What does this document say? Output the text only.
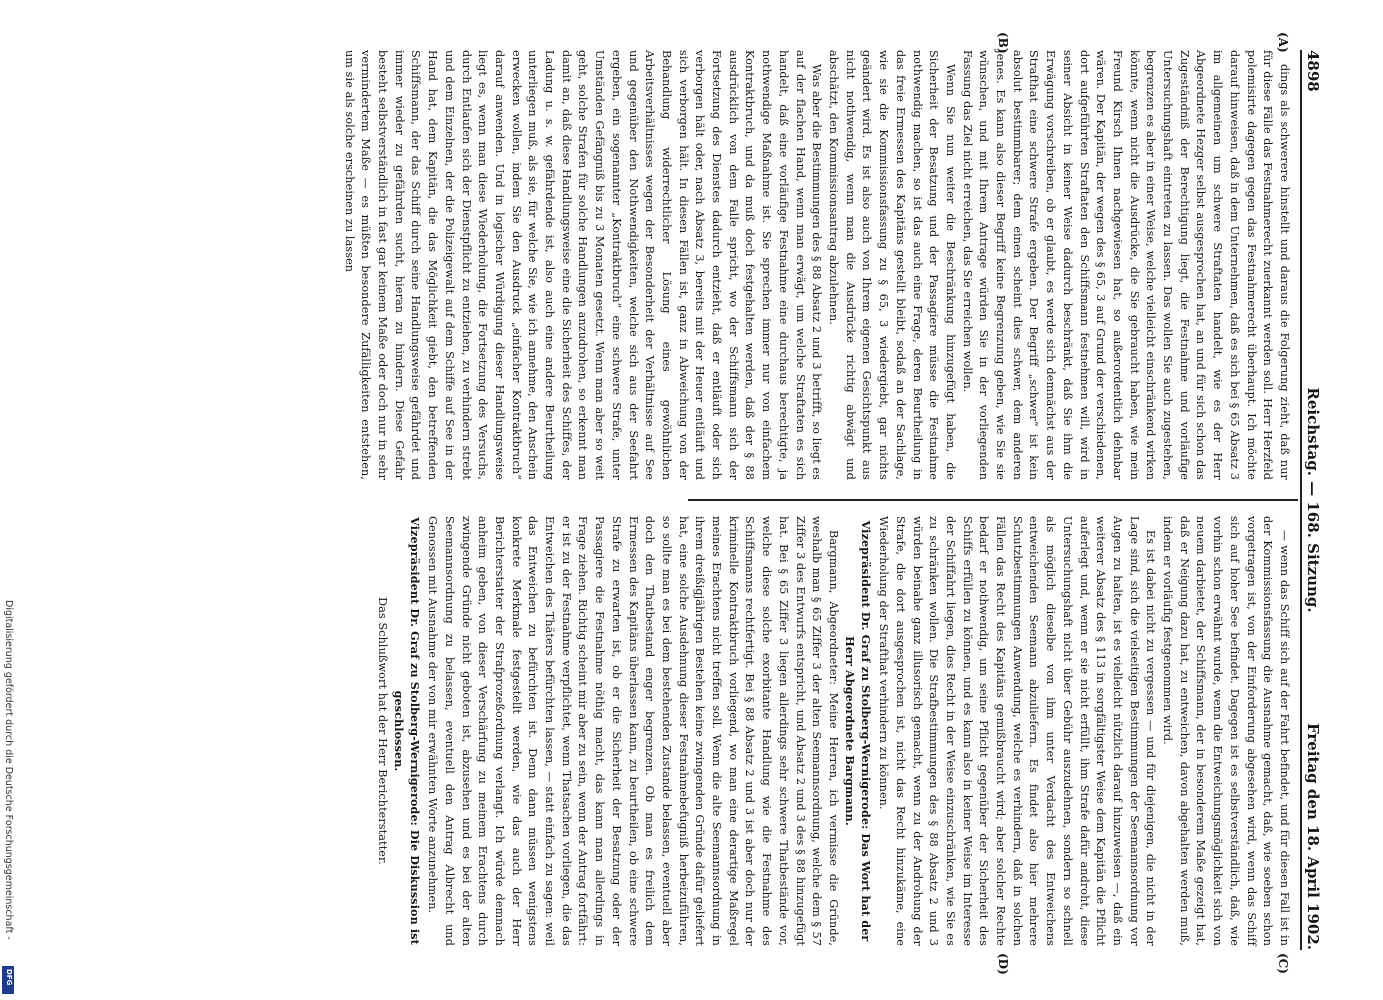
4898
Reichstag. — 168. Sitzung.
Freitag den 18. April 1902.
(A)
(B)
(C)
(D)

dings als schwerere hinstellt und daraus die Folgerung zieht, daß nur für diese Fälle das Festnahmerecht zuerkannt werden soll. Herr Herzfeld polemisirte dagegen gegen das Festnahmerecht überhaupt. Ich möchte darauf hinweisen, daß in dem Unternehmen, daß es sich bei § 65 Absatz 3 im allgemeinen um schwere Straftaten handelt, wie es der Herr Abgeordnete Hezger selbst ausgesprochen hat, an und für sich schon das Zugeständniß der Berechtigung liegt, die Festnahme und vorläufige Untersuchungshaft eintreten zu lassen. Das wollen Sie auch zugestehen, begrenzen es aber in einer Weise, welche vielleicht einschränkend wirken könnte, wenn nicht die Ausdrücke, die Sie gebraucht haben, wie mein Freund Kirsch Ihnen nachgewiesen hat, so außerordentlich dehnbar wären. Der Kapitän, der wegen des § 65, 3 auf Grund der verschiedenen, dort aufgeführten Straftaten den Schiffsmann festnehmen will, wird in seiner Absicht in keiner Weise dadurch beschränkt, daß Sie ihm die Erwägung vorschreiben, ob er glaubt, es werde sich demnächst aus der Strafthat eine schwere Strafe ergeben. Der Begriff „schwer“ ist kein absolut bestimmbarer; dem einen scheint dies schwer, dem anderen jenes. Es kann also dieser Begriff keine Begrenzung geben, wie Sie sie wünschen, und mit Ihrem Antrage würden Sie in der vorliegenden Fassung das Ziel nicht erreichen, das Sie erreichen wollen.

Wenn Sie nun weiter die Beschränkung hinzugefügt haben, die Sicherheit der Besatzung und der Passagiere müsse die Festnahme nothwendig machen, so ist das auch eine Frage, deren Beurtheilung in das freie Ermessen des Kapitäns gestellt bleibt, sodaß an der Sachlage, wie sie die Kommissionsfassung zu § 65, 3 wiedergiebt, gar nichts geändert wird. Es ist also auch von Ihrem eigenen Gesichtspunkt aus nicht nothwendig, wenn man die Ausdrücke richtig abwägt und abschätzt, den Kommissionsantrag abzulehnen.

Was aber die Bestimmungen des § 88 Absatz 2 und 3 betrifft, so liegt es auf der flachen Hand, wenn man erwägt, um welche Straftaten es sich handelt, daß eine vorläufige Festnahme eine durchaus berechtigte, ja nothwendige Maßnahme ist. Sie sprechen immer nur von einfachem Kontraktbruch, und da muß doch festgehalten werden, daß der § 88 ausdrücklich von dem Falle spricht, wo der Schiffsmann sich der Fortsetzung des Dienstes dadurch entzieht, daß er entläuft oder sich verborgen hält oder, nach Absatz 3, bereits mit der Heuer entläuft und sich verborgen hält. In diesen Fällen ist, ganz in Abweichung von der Behandlung widerrechtlicher Lösung eines gewöhnlichen Arbeitsverhältnisses wegen der Besonderheit der Verhältnisse auf See und gegenüber den Nothwendigkeiten, welche sich aus der Seefahrt ergeben, ein sogenannter „Kontraktbruch“ eine schwere Strafe, unter Umständen Gefängniß bis zu 3 Monaten gesetzt. Wenn man aber so weit geht, solche Strafen für solche Handlungen anzudrohen, so erkennt man damit an, daß diese Handlungsweise eine die Sicherheit des Schiffes, der Ladung u. s. w. gefährdende ist, also auch eine andere Beurtheilung unterliegen muß, als sie, für welche Sie, wie ich annehme, den Anschein erwecken wollen, indem Sie den Ausdruck „einfacher Kontraktbruch“ darauf anwenden. Und in logischer Würdigung dieser Handlungsweise liegt es, wenn man diese Wiederholung, die Fortsetzung des Versuchs, durch Entlaufen sich der Dienstpflicht zu entziehen, zu verhindern strebt und dem Einzelnen, der die Polizeigewalt auf dem Schiffe auf See in der Hand hat, dem Kapitän, die das Möglichkeit giebt, den betreffenden Schiffsmann, der das Schiff durch seine Handlungsweise gefährdet und immer wieder zu gefährden sucht, hieran zu hindern. Diese Gefahr besteht selbstverständlich in fast gar keinem Maße oder doch nur in sehr vermindertem Maße — es müßten besondere Zufälligkeiten entstehen, um sie als solche erscheinen zu lassen

— wenn das Schiff sich auf der Fahrt befindet, und für diesen Fall ist in der Kommissionsfassung die Ausnahme gemacht, daß, wie soeben schon vorgetragen ist, von der Einforderung abgesehen wird, wenn das Schiff sich auf hoher See befindet. Dagegen ist es selbstverständlich, daß, wie vorhin schon erwähnt wurde, wenn die Entweichungsmöglichkeit sich von neuem darbietet, der Schiffsmann, der in besonderem Maße gezeigt hat, daß er Neigung dazu hat, zu entweichen, davon abgehalten werden muß, indem er vorläufig festgenommen wird.

Es ist dabei nicht zu vergessen — und für diejenigen, die nicht in der Lage sind, sich die vielseitigen Bestimmungen der Seemannsordnung vor Augen zu halten, ist es vielleicht nützlich darauf hinzuweisen —, daß ein weiterer Absatz des § 113 in sorgfältigster Weise dem Kapitän die Pflicht auferlegt und, wenn er sie nicht erfüllt, ihm Strafe dafür androht, diese Untersuchungshaft nicht über Gebühr auszudehnen, sondern so schnell als möglich dieselbe von ihm unter Verdacht des Entweichens entweichenden Seemann abzuliefern. Es findet also hier mehrere Schutzbestimmungen Anwendung, welche es verhindern, daß in solchen Fällen das Recht des Kapitäns gemißbraucht wird; aber solcher Rechte bedarf er nothwendig, um seine Pflicht gegenüber der Sicherheit des Schiffs erfüllen zu können, und es kann also in keiner Weise im Interesse der Schiffahrt liegen, dies Recht in der Weise einzuschränken, wie Sie es zu schränken wollen. Die Strafbestimmungen des § 88 Absatz 2 und 3 würden beinahe ganz illusorisch gemacht, wenn zu der Androhung der Strafe, die dort ausgesprochen ist, nicht das Recht hinzukäme, eine Wiederholung der Strafthat verhindern zu können.

Vizepräsident Dr. Graf zu Stolberg-Wernigerode: Das Wort hat der Herr Abgeordnete Bargmann.

Bargmann, Abgeordneter: Meine Herren, ich vermisse die Gründe, weshalb man § 65 Ziffer 3 der alten Seemannsordnung, welche dem § 57 Ziffer 3 des Entwurfs entspricht, und Absatz 2 und 3 des § 88 hinzugefügt hat. Bei § 65 Ziffer 3 liegen allerdings sehr schwere Thatbestände vor, welche diese solche exorbitante Handlung wie die Festnahme des Schiffsmanns rechtfertigt. Bei § 88 Absatz 2 und 3 ist aber doch nur der kriminelle Kontraktbruch vorliegend, wo man eine derartige Maßregel meines Erachtens nicht treffen soll. Wenn die alte Seemannsordnung in ihrem dreißigjährigen Bestehen keine zwingenden Gründe dafür geliefert hat, eine solche Ausdehnung dieser Festnahmebefugniß herbeizuführen, so sollte man es bei dem bestehenden Zustande belassen, eventuell aber doch den Thatbestand enger begrenzen. Ob man es freilich dem Ermessen des Kapitäns überlassen kann, zu beurtheilen, ob eine schwere Strafe zu erwarten ist, ob er die Sicherheit der Besatzung oder der Passagiere die Festnahme nöthig macht, das kann man allerdings in Frage ziehen. Richtig scheint mir aber zu sein, wenn der Antrag fortfährt: er ist zu der Festnahme verpflichtet, wenn Thatsachen vorliegen, die das Entweichen des Thäters befürchten lassen, — statt einfach zu sagen: weil das Entweichen zu befürchten ist. Denn dann müssen wenigstens konkrete Merkmale festgestellt werden, wie das auch der Herr Berichterstatter der Strafprozeßordnung verlangt. Ich würde demnach anheim geben, von dieser Verschärfung zu meinem Erachtens durch zwingende Gründe nicht geboten ist, abzusehen und es bei der alten Seemannsordnung zu belassen, eventuell den Antrag Albrecht und Genossen mit Ausnahme der von mir erwähnten Worte anzunehmen.

Vizepräsident Dr. Graf zu Stolberg-Wernigerode: Die Diskussion ist geschlossen.

Das Schlußwort hat der Herr Berichterstatter.

Digitalisierung gefördert durch die Deutsche Forschungsgemeinschaft -
DFG
